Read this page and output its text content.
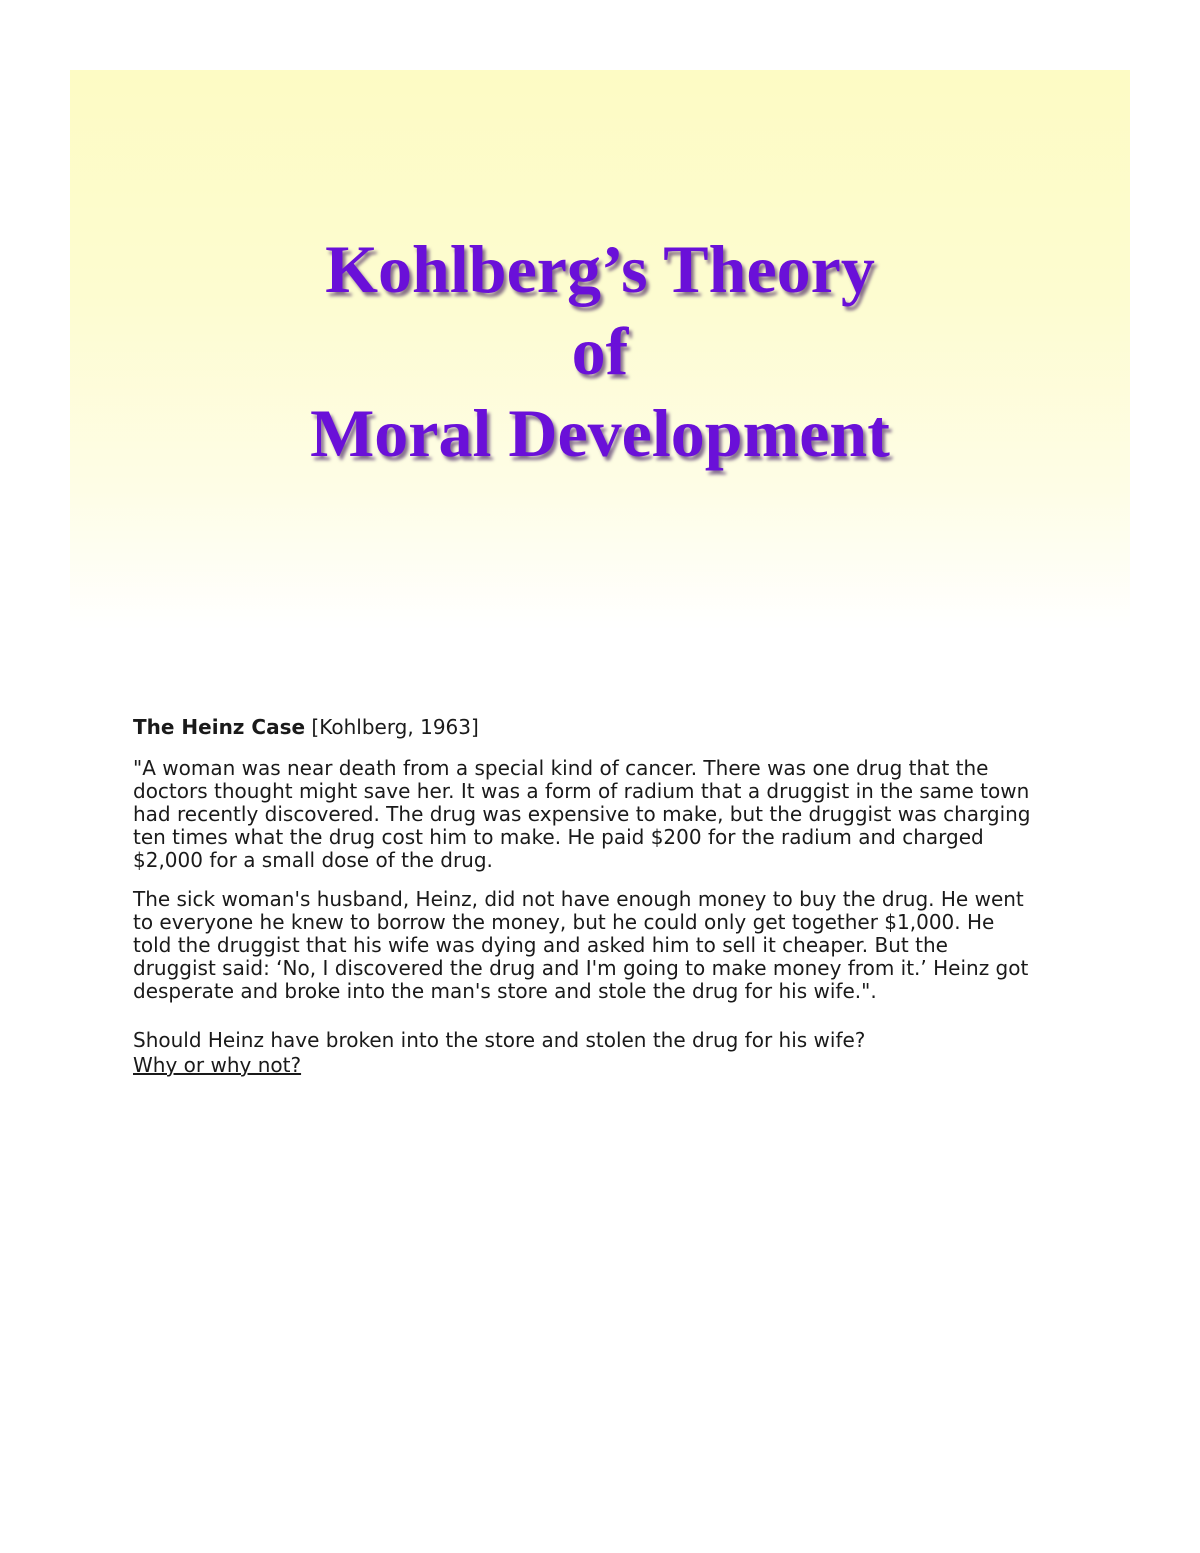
Kohlberg’s Theory
of
Moral Development

The Heinz Case [Kohlberg, 1963]

"A woman was near death from a special kind of cancer. There was one drug that the doctors thought might save her. It was a form of radium that a druggist in the same town had recently discovered. The drug was expensive to make, but the druggist was charging ten times what the drug cost him to make. He paid $200 for the radium and charged $2,000 for a small dose of the drug.

The sick woman's husband, Heinz, did not have enough money to buy the drug. He went to everyone he knew to borrow the money, but he could only get together $1,000. He told the druggist that his wife was dying and asked him to sell it cheaper. But the druggist said: ‘No, I discovered the drug and I'm going to make money from it.’ Heinz got desperate and broke into the man's store and stole the drug for his wife.".

Should Heinz have broken into the store and stolen the drug for his wife?

Why or why not?
